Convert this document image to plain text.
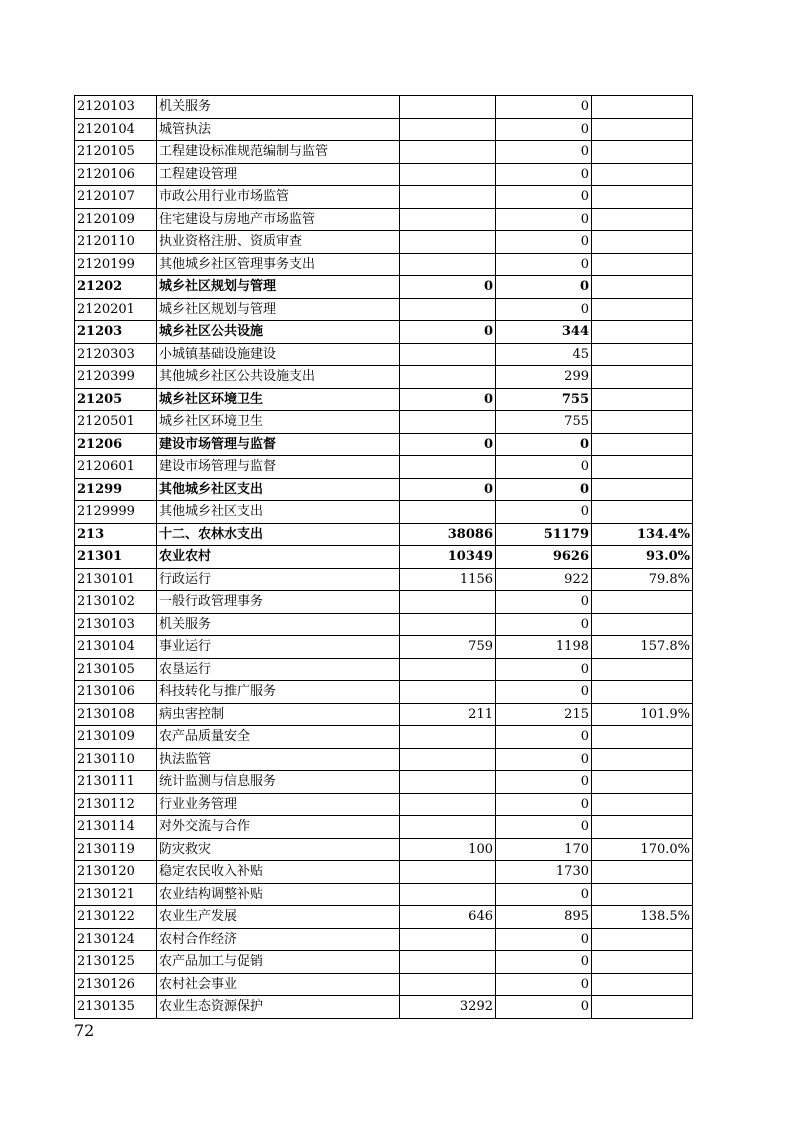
2120103	机关服务		0	
2120104	城管执法		0	
2120105	工程建设标准规范编制与监管		0	
2120106	工程建设管理		0	
2120107	市政公用行业市场监管		0	
2120109	住宅建设与房地产市场监管		0	
2120110	执业资格注册、资质审查		0	
2120199	其他城乡社区管理事务支出		0	
21202	城乡社区规划与管理	0	0	
2120201	城乡社区规划与管理		0	
21203	城乡社区公共设施	0	344	
2120303	小城镇基础设施建设		45	
2120399	其他城乡社区公共设施支出		299	
21205	城乡社区环境卫生	0	755	
2120501	城乡社区环境卫生		755	
21206	建设市场管理与监督	0	0	
2120601	建设市场管理与监督		0	
21299	其他城乡社区支出	0	0	
2129999	其他城乡社区支出		0	
213	十二、农林水支出	38086	51179	134.4%
21301	农业农村	10349	9626	93.0%
2130101	行政运行	1156	922	79.8%
2130102	一般行政管理事务		0	
2130103	机关服务		0	
2130104	事业运行	759	1198	157.8%
2130105	农垦运行		0	
2130106	科技转化与推广服务		0	
2130108	病虫害控制	211	215	101.9%
2130109	农产品质量安全		0	
2130110	执法监管		0	
2130111	统计监测与信息服务		0	
2130112	行业业务管理		0	
2130114	对外交流与合作		0	
2130119	防灾救灾	100	170	170.0%
2130120	稳定农民收入补贴		1730	
2130121	农业结构调整补贴		0	
2130122	农业生产发展	646	895	138.5%
2130124	农村合作经济		0	
2130125	农产品加工与促销		0	
2130126	农村社会事业		0	
2130135	农业生态资源保护	3292	0	
72
